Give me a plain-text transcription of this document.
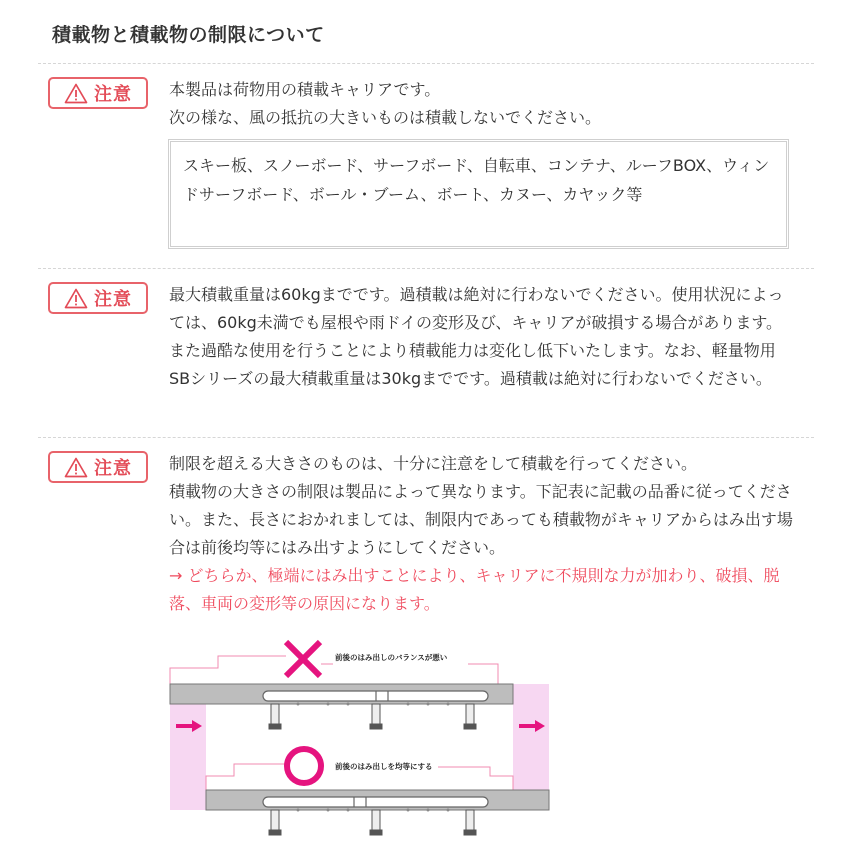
積載物と積載物の制限について
注意 本製品は荷物用の積載キャリアです。

次の様な、風の抵抗の大きいものは積載しないでください。

スキー板、スノーボード、サーフボード、自転車、コンテナ、ルーフBOX、ウィンドサーフボード、ボール・ブーム、ボート、カヌー、カヤック等
注意 最大積載重量は60kgまでです。過積載は絶対に行わないでください。使用状況によっては、60kg未満でも屋根や雨ドイの変形及び、キャリアが破損する場合があります。また過酷な使用を行うことにより積載能力は変化し低下いたします。なお、軽量物用SBシリーズの最大積載重量は30kgまでです。過積載は絶対に行わないでください。

注意 制限を超える大きさのものは、十分に注意をして積載を行ってください。

積載物の大きさの制限は製品によって異なります。下記表に記載の品番に従ってください。また、長さにおかれましては、制限内であっても積載物がキャリアからはみ出す場合は前後均等にはみ出すようにしてください。

→ どちらか、極端にはみ出すことにより、キャリアに不規則な力が加わり、破損、脱落、車両の変形等の原因になります。

前後のはみ出しのバランスが悪い
前後のはみ出しを均等にする
